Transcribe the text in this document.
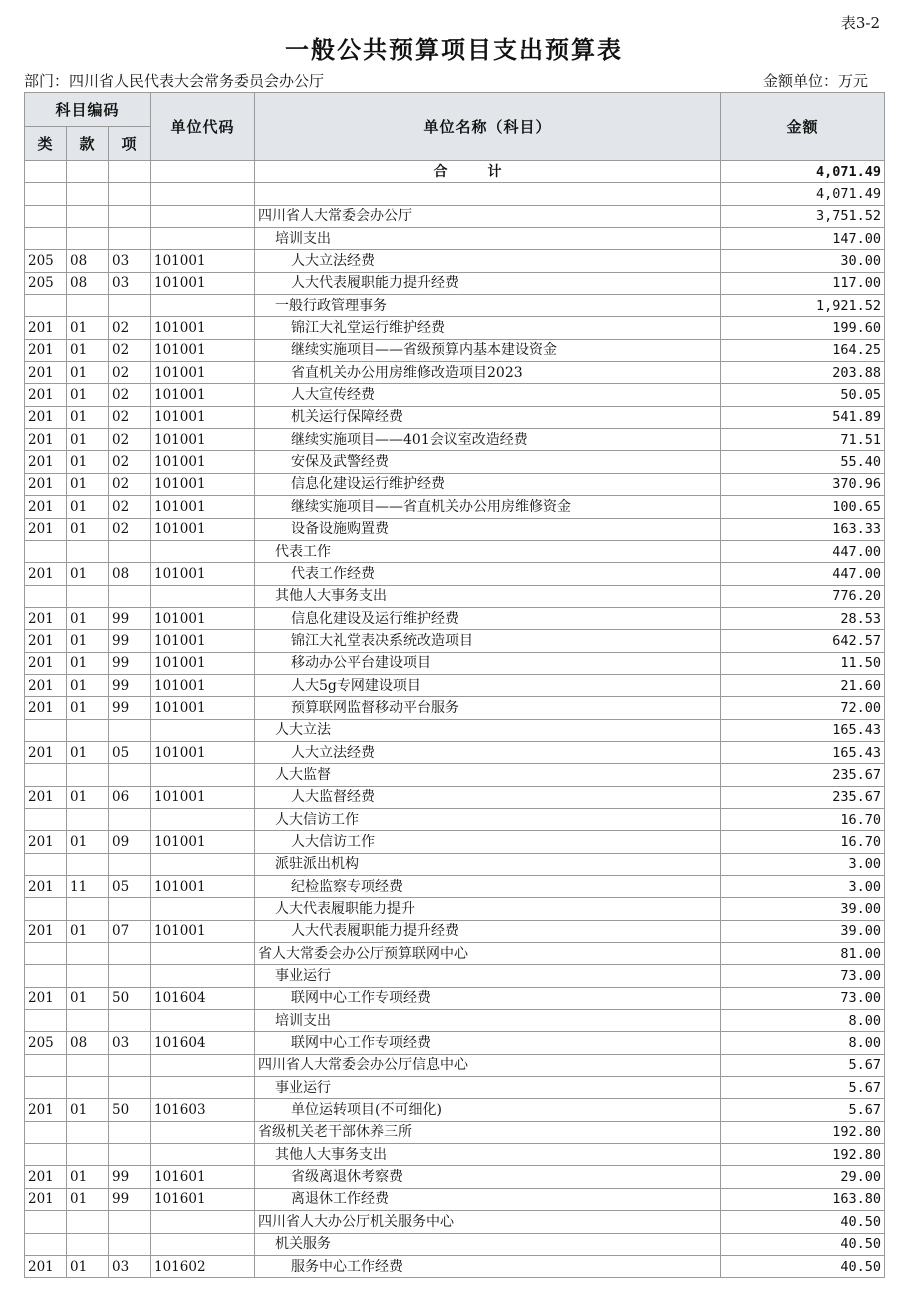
表3-2
一般公共预算项目支出预算表
部门：四川省人民代表大会常务委员会办公厅	金额单位：万元
科目编码			单位代码	单位名称（科目）	金额
类	款	项			
				合计	4,071.49
					4,071.49
				四川省人大常委会办公厅	3,751.52
				培训支出	147.00
205	08	03	101001	人大立法经费	30.00
205	08	03	101001	人大代表履职能力提升经费	117.00
				一般行政管理事务	1,921.52
201	01	02	101001	锦江大礼堂运行维护经费	199.60
201	01	02	101001	继续实施项目——省级预算内基本建设资金	164.25
201	01	02	101001	省直机关办公用房维修改造项目2023	203.88
201	01	02	101001	人大宣传经费	50.05
201	01	02	101001	机关运行保障经费	541.89
201	01	02	101001	继续实施项目——401会议室改造经费	71.51
201	01	02	101001	安保及武警经费	55.40
201	01	02	101001	信息化建设运行维护经费	370.96
201	01	02	101001	继续实施项目——省直机关办公用房维修资金	100.65
201	01	02	101001	设备设施购置费	163.33
				代表工作	447.00
201	01	08	101001	代表工作经费	447.00
				其他人大事务支出	776.20
201	01	99	101001	信息化建设及运行维护经费	28.53
201	01	99	101001	锦江大礼堂表决系统改造项目	642.57
201	01	99	101001	移动办公平台建设项目	11.50
201	01	99	101001	人大5g专网建设项目	21.60
201	01	99	101001	预算联网监督移动平台服务	72.00
				人大立法	165.43
201	01	05	101001	人大立法经费	165.43
				人大监督	235.67
201	01	06	101001	人大监督经费	235.67
				人大信访工作	16.70
201	01	09	101001	人大信访工作	16.70
				派驻派出机构	3.00
201	11	05	101001	纪检监察专项经费	3.00
				人大代表履职能力提升	39.00
201	01	07	101001	人大代表履职能力提升经费	39.00
				省人大常委会办公厅预算联网中心	81.00
				事业运行	73.00
201	01	50	101604	联网中心工作专项经费	73.00
				培训支出	8.00
205	08	03	101604	联网中心工作专项经费	8.00
				四川省人大常委会办公厅信息中心	5.67
				事业运行	5.67
201	01	50	101603	单位运转项目(不可细化)	5.67
				省级机关老干部休养三所	192.80
				其他人大事务支出	192.80
201	01	99	101601	省级离退休考察费	29.00
201	01	99	101601	离退休工作经费	163.80
				四川省人大办公厅机关服务中心	40.50
				机关服务	40.50
201	01	03	101602	服务中心工作经费	40.50
